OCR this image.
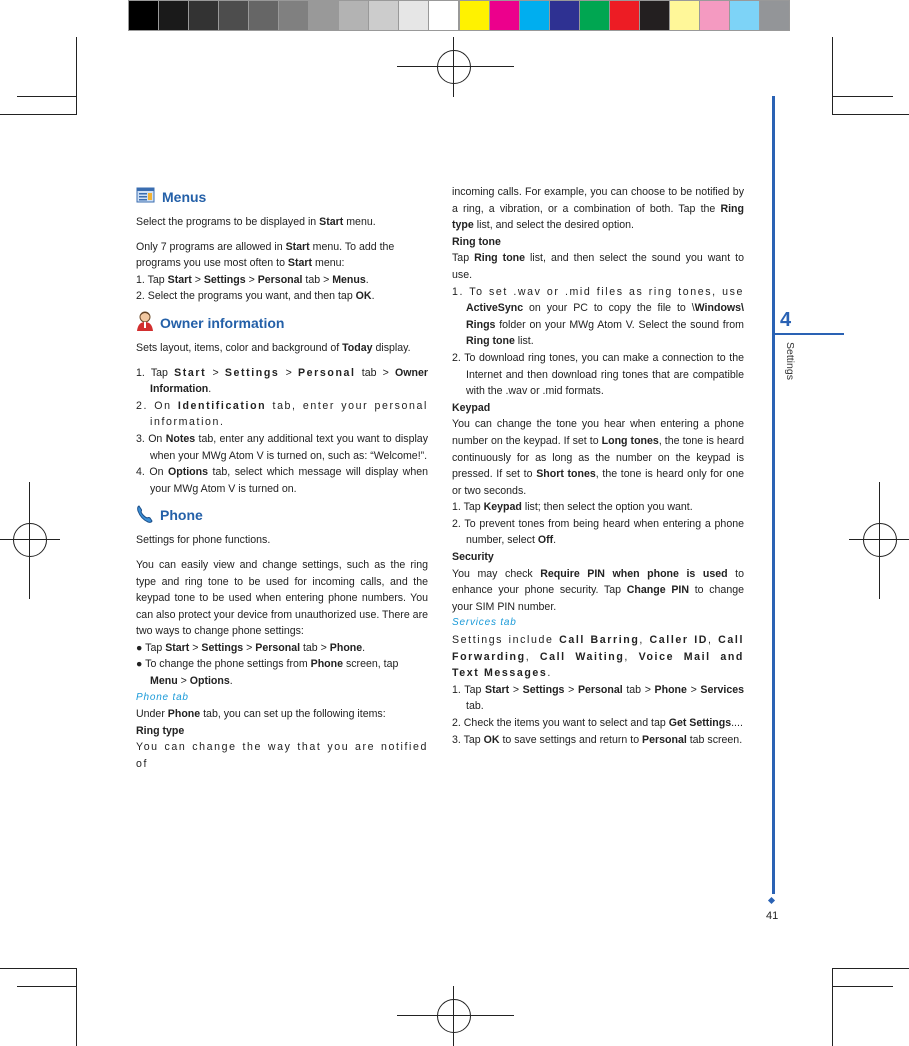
Menus

Select the programs to be displayed in Start menu.

Only 7 programs are allowed in Start menu. To add the programs you use most often to Start menu:

1. Tap Start > Settings > Personal tab > Menus.

2. Select the programs you want, and then tap OK.

Owner information

Sets layout, items, color and background of Today display.

1. Tap Start > Settings > Personal tab > Owner Information.

2. On Identification tab, enter your personal information.

3. On Notes tab, enter any additional text you want to display when your MWg Atom V is turned on, such as: “Welcome!”.

4. On Options tab, select which message will display when your MWg Atom V is turned on.

Phone

Settings for phone functions.

You can easily view and change settings, such as the ring type and ring tone to be used for incoming calls, and the keypad tone to be used when entering phone numbers. You can also protect your device from unauthorized use. There are two ways to change phone settings:

● Tap Start > Settings > Personal tab > Phone.

● To change the phone settings from Phone screen, tap Menu > Options.

Phone tab

Under Phone tab, you can set up the following items:

Ring type

You can change the way that you are notified of

incoming calls. For example, you can choose to be notified by a ring, a vibration, or a combination of both. Tap the Ring type list, and select the desired option.

Ring tone

Tap Ring tone list, and then select the sound you want to use.

1. To set .wav or .mid files as ring tones, use ActiveSync on your PC to copy the file to \Windows\ Rings folder on your MWg Atom V. Select the sound from Ring tone list.

2. To download ring tones, you can make a connection to the Internet and then download ring tones that are compatible with the .wav or .mid formats.

Keypad

You can change the tone you hear when entering a phone number on the keypad. If set to Long tones, the tone is heard continuously for as long as the number on the keypad is pressed. If set to Short tones, the tone is heard only for one or two seconds.

1. Tap Keypad list; then select the option you want.

2. To prevent tones from being heard when entering a phone number, select Off.

Security

You may check Require PIN when phone is used to enhance your phone security. Tap Change PIN to change your SIM PIN number.

Services tab

Settings include Call Barring, Caller ID, Call Forwarding, Call Waiting, Voice Mail and Text Messages.

1. Tap Start > Settings > Personal tab > Phone > Services tab.

2. Check the items you want to select and tap Get Settings....

3. Tap OK to save settings and return to Personal tab screen.

4
Settings
41
